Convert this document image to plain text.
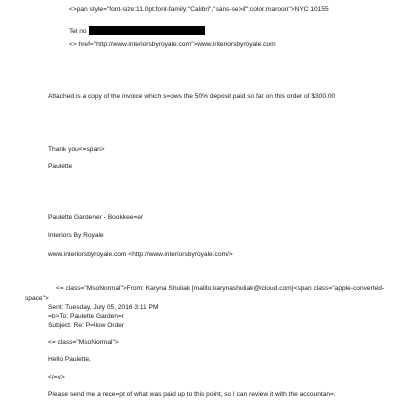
<>pan style="font-size:11.0pt;font-family:"Calibri","sans-se>if";color:maroon">NYC 10155
Tel no
<> href="http://www.interiorsbyroyale.com">www.interiorsbyroyale.com
Attached is a copy of the invoice which s=ows the 50% deposit paid so far on this order of $300.00
Thank you<=span>
Paulette
Paulette Gardener - Bookkee=er
Interiors By Royale
www.interiorsbyroyale.com <http://www.interiorsbyroyale.com/>
<= class="MsoNormal">From: Karyna Shuliak [mailto:karynashuliak@icloud.com]<span class="apple-converted-
space">
Sent: Tuesday, July 05, 2016 3:11 PM
=b>To: Paulette Garden=r
Subject: Re: P=llow Order
<= class="MsoNormal">
Hello Paulette,
</=v>
Please send me a rece=pt of what was paid up to this point, so I can review it with the accountan=.
